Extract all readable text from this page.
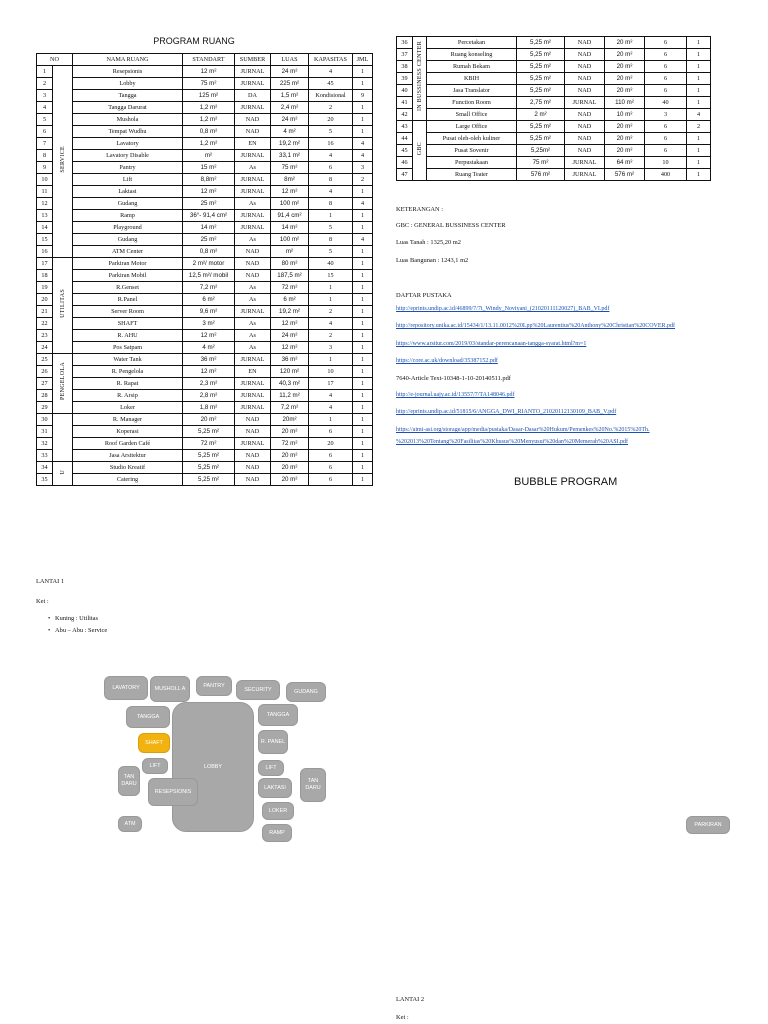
PROGRAM RUANG
NO		NAMA RUANG	STANDART	SUMBER	LUAS	KAPASITAS	JML
1	SERVICE	Resepsionis	12 m²	JURNAL	24 m²	4	1
2		Lobby	75 m²	JURNAL	225 m²	45	1
3		Tangga	125 m²	DA	1,5 m²	Kondisional	9
4		Tangga Darurat	1,2 m²	JURNAL	2,4 m²	2	1
5		Mushola	1,2 m²	NAD	24 m²	20	1
6		Tempat Wudhu	0,8 m²	NAD	4 m²	5	1
7		Lavatory	1,2 m²	EN	19,2 m²	16	4
8		Lavatory Disable	m²	JURNAL	33,1 m²	4	4
9		Pantry	15 m²	As	75 m²	6	3
10		Lift	8,8m²	JURNAL	8m²	8	2
11		Laktasi	12 m²	JURNAL	12 m²	4	1
12		Gudang	25 m²	As	100 m²	8	4
13		Ramp	36°- 91,4 cm²	JURNAL	91,4 cm²	1	1
14		Playground	14 m²	JURNAL	14 m²	5	1
15		Gudang	25 m²	As	100 m²	8	4
16		ATM Center	0,8 m²	NAD	m²	5	1
17	UTILITAS	Parkiran Motor	2 m²/ motor	NAD	80 m²	40	1
18		Parkiran Mobil	12,5 m²/ mobil	NAD	187,5 m²	15	1
19		R.Genset	7,2 m²	As	72 m²	1	1
20		R.Panel	6 m²	As	6 m²	1	1
21		Server Room	9,6 m²	JURNAL	19,2 m²	2	1
22		SHAFT	3 m²	As	12 m²	4	1
23		R. AHU	12 m²	As	24 m²	2	1
24		Pos Satpam	4 m²	As	12 m²	3	1
25	PENGELOLA	Water Tank	36 m²	JURNAL	36 m²	1	1
26		R. Pengelola	12 m²	EN	120 m²	10	1
27		R. Rapat	2,3 m²	JURNAL	40,3 m²	17	1
28		R. Arsip	2,8 m²	JURNAL	11,2 m²	4	1
29		Loker	1,8 m²	JURNAL	7,2 m²	4	1
30		R. Manager	20 m²	NAD	20m²	1	1
31		Koperasi	5,25 m²	NAD	20 m²	6	1
32		Roof Garden Café	72 m²	JURNAL	72 m²	20	1
33		Jasa Arsitektur	5,25 m²	NAD	20 m²	6	1
34	U	Studio Kreatif	5,25 m²	NAD	20 m²	6	1
35		Catering	5,25 m²	NAD	20 m²	6	1
36	IN BUSSINESS CENTER	Percetakan	5,25 m²	NAD	20 m²	6	1
37		Ruang konseling	5,25 m²	NAD	20 m²	6	1
38		Rumah Bekam	5,25 m²	NAD	20 m²	6	1
39		KBIH	5,25 m²	NAD	20 m²	6	1
40		Jasa Translator	5,25 m²	NAD	20 m²	6	1
41		Function Room	2,75 m²	JURNAL	110 m²	40	1
42		Small Office	2 m²	NAD	10 m²	3	4
43	GBC	Large Office	5,25 m²	NAD	20 m²	6	2
44		Pusat oleh-oleh kuliner	5,25 m²	NAD	20 m²	6	1
45		Pusat Sovenir	5,25m²	NAD	20 m²	6	1
46		Perpustakaan	75 m²	JURNAL	64 m²	10	1
47		Ruang Teater	576 m²	JURNAL	576 m²	400	1
KETERANGAN :
GBC : GENERAL BUSSINESS CENTER
Luas Tanah : 1325,20 m2
Luas Bangunan : 1243,1 m2
DAFTAR PUSTAKA
http://eprints.undip.ac.id/46899/7/7i_Windy_Noviyani_(21020111120027)_BAB_VI.pdf
http://repository.unika.ac.id/15434/1/13.11.0012%20Lpp%20Laurentius%20Anthony%20Christian%20COVER.pdf
https://www.arsitur.com/2019/03/standar-perencanaan-tangga-syarat.html?m=1
https://core.ac.uk/download/35387152.pdf
7640-Article Text-10348-1-10-20140511.pdf
http://e-journal.uajy.ac.id/13557/7/TA148046.pdf
http://eprints.undip.ac.id/51815/6/ANGGA_DWI_RIANTO_21020112130109_BAB_V.pdf
https://aimi-asi.org/storage/app/media/pustaka/Dasar-Dasar%20Hukum/Pemenkes%20No.%2015%20Th.
%202013%20Tentang%20Fasilitas%20Khusus%20Menyusui%20dan%20Memerah%20ASI.pdf
BUBBLE PROGRAM
LANTAI 1
Ket :
•   Kuning : Utilitas
•   Abu – Abu : Service
LAVATORY	MUSHOLL A	PANTRY
SECURITY	GUDANG
TANGGA
LOBBY
TANGGA
SHAFT	R. PANEL
LIFT	LIFT
TAN DARU
RESEPSIONIS
LAKTASI
TAN DARU
ATM
LOKER
RAMP
PARKIRAN
LANTAI 2
Ket :
